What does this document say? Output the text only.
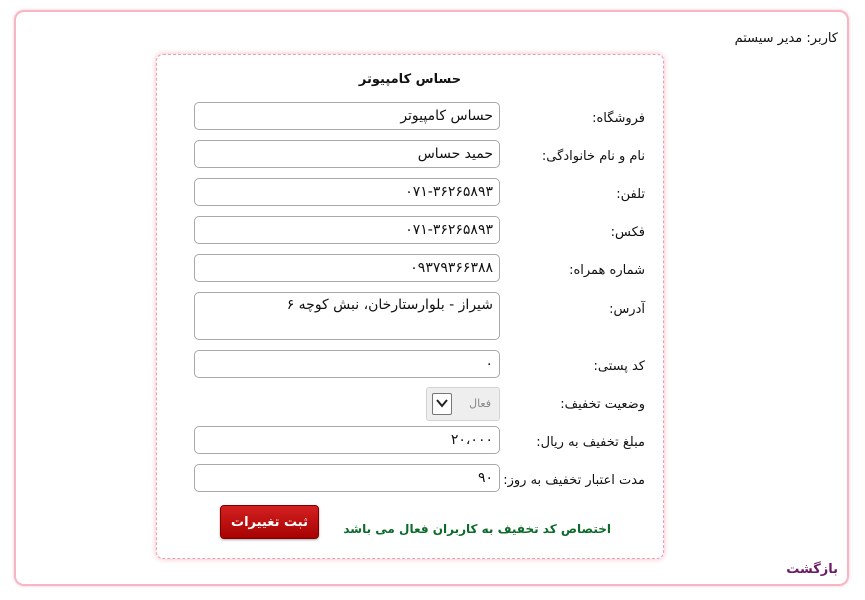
کاربر: مدیر سیستم
حساس کامپیوتر
فروشگاه:
حساس کامپیوتر
نام و نام خانوادگی:
حمید حساس
تلفن:
۰۷۱-۳۶۲۶۵۸۹۳
فکس:
۰۷۱-۳۶۲۶۵۸۹۳
شماره همراه:
۰۹۳۷۹۳۶۶۳۸۸
آدرس:
شیراز - بلوارستارخان، نبش کوچه ۶
کد پستی:
۰
وضعیت تخفیف:
فعال
مبلغ تخفیف به ریال:
۲۰،۰۰۰
مدت اعتبار تخفیف به روز:
۹۰
ثبت تغییرات	اختصاص کد تخفیف به کاربران فعال می باشد
بازگشت
